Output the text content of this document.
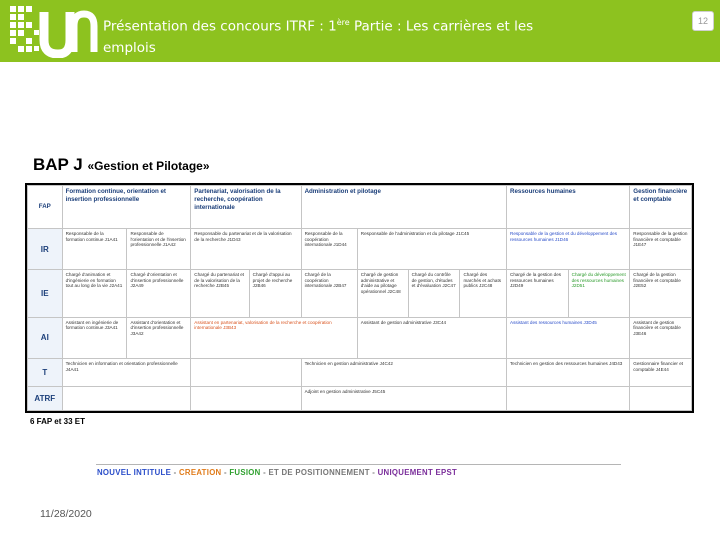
Présentation des concours ITRF : 1ère Partie : Les carrières et les emplois
12
BAP J «Gestion et Pilotage»
FAP	Formation continue, orientation et insertion professionnelle		Partenariat, valorisation de la recherche, coopération internationale		Administration et pilotage				Ressources humaines		Gestion financière et comptable
IR	Responsable de la formation continue J1A41	Responsable de l'orientation et de l'insertion professionnelle J1A42	Responsable du partenariat et de la valorisation de la recherche J1D43		Responsable de la coopération internationale J1D44	Responsable de l'administration et du pilotage J1C45			Responsable de la gestion et du développement des ressources humaines J1D46		Responsable de la gestion financière et comptable J1E47
IE	Chargé d'animation et d'ingénierie en formation tout au long de la vie J2A41	Chargé d'orientation et d'insertion professionnelle J2A49	Chargé du partenariat et de la valorisation de la recherche J2B45	Chargé d'appui au projet de recherche J2B46	Chargé de la coopération internationale J2B47	Chargé de gestion administrative et d'aide au pilotage opérationnel J2C48	Chargé du contrôle de gestion, d'études et d'évaluation J2C47	Chargé des marchés et achats publics J2C48	Chargé de la gestion des ressources humaines J2D49	Chargé du développement des ressources humaines J2D51	Chargé de la gestion financière et comptable J2E52
AI	Assistant en ingénierie de formation continue J3A41	Assistant d'orientation et d'insertion professionnelle J3A42	Assistant en partenariat, valorisation de la recherche et coopération internationale J3B43			Assistant de gestion administrative J3C44			Assistant des ressources humaines J3D45		Assistant de gestion financière et comptable J3E46
T	Technicien en information et orientation professionnelle J4A41				Technicien en gestion administrative J4C42				Technicien en gestion des ressources humaines J4D43		Gestionnaire financier et comptable J4E44
ATRF					Adjoint en gestion administrative J5C45						
6 FAP et 33 ET
NOUVEL INTITULE - CREATION - FUSION - ET DE POSITIONNEMENT - UNIQUEMENT EPST
11/28/2020
